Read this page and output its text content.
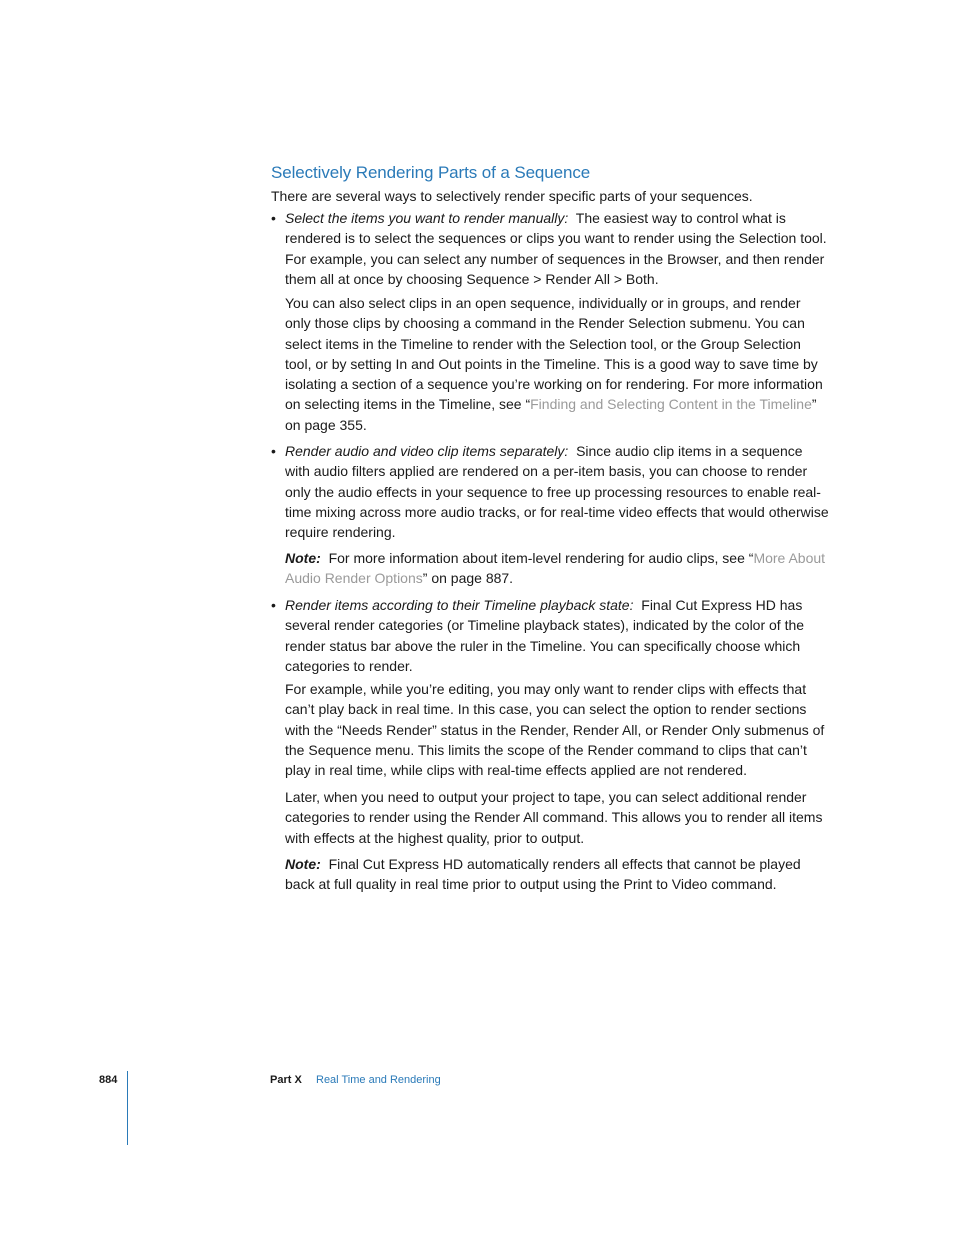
Selectively Rendering Parts of a Sequence

There are several ways to selectively render specific parts of your sequences.

• Select the items you want to render manually: The easiest way to control what is rendered is to select the sequences or clips you want to render using the Selection tool. For example, you can select any number of sequences in the Browser, and then render them all at once by choosing Sequence > Render All > Both.

You can also select clips in an open sequence, individually or in groups, and render only those clips by choosing a command in the Render Selection submenu. You can select items in the Timeline to render with the Selection tool, or the Group Selection tool, or by setting In and Out points in the Timeline. This is a good way to save time by isolating a section of a sequence you’re working on for rendering. For more information on selecting items in the Timeline, see “Finding and Selecting Content in the Timeline” on page 355.

• Render audio and video clip items separately: Since audio clip items in a sequence with audio filters applied are rendered on a per-item basis, you can choose to render only the audio effects in your sequence to free up processing resources to enable real-time mixing across more audio tracks, or for real-time video effects that would otherwise require rendering.

Note: For more information about item-level rendering for audio clips, see “More About Audio Render Options” on page 887.

• Render items according to their Timeline playback state: Final Cut Express HD has several render categories (or Timeline playback states), indicated by the color of the render status bar above the ruler in the Timeline. You can specifically choose which categories to render.

For example, while you’re editing, you may only want to render clips with effects that can’t play back in real time. In this case, you can select the option to render sections with the “Needs Render” status in the Render, Render All, or Render Only submenus of the Sequence menu. This limits the scope of the Render command to clips that can’t play in real time, while clips with real-time effects applied are not rendered.

Later, when you need to output your project to tape, you can select additional render categories to render using the Render All command. This allows you to render all items with effects at the highest quality, prior to output.

Note: Final Cut Express HD automatically renders all effects that cannot be played back at full quality in real time prior to output using the Print to Video command.

884	Part X Real Time and Rendering
